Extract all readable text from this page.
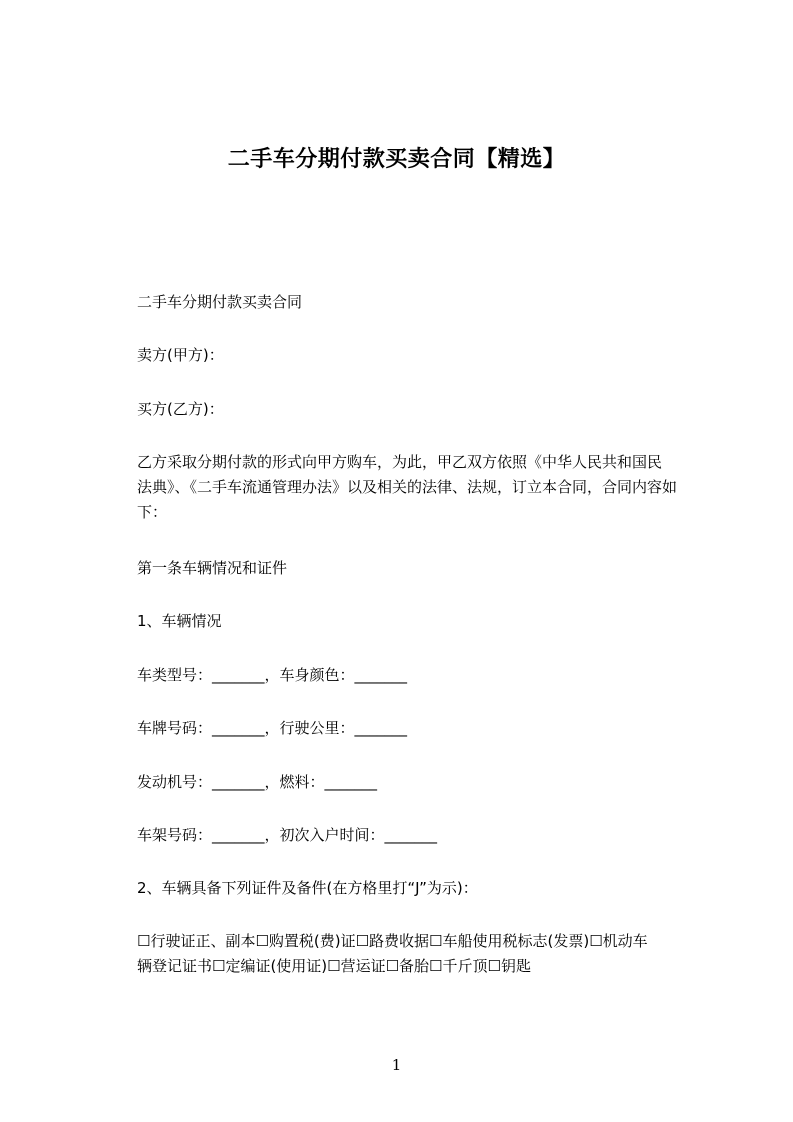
二手车分期付款买卖合同【精选】
二手车分期付款买卖合同
卖方(甲方)：
买方(乙方)：
乙方采取分期付款的形式向甲方购车，为此，甲乙双方依照《中华人民共和国民
法典》、《二手车流通管理办法》以及相关的法律、法规，订立本合同，合同内容如
下：
第一条车辆情况和证件
1、车辆情况
车类型号：_______，车身颜色：_______
车牌号码：_______，行驶公里：_______
发动机号：_______，燃料：_______
车架号码：_______，初次入户时间：_______
2、车辆具备下列证件及备件(在方格里打“J”为示)：
☐行驶证正、副本☐购置税(费)证☐路费收据☐车船使用税标志(发票)☐机动车
辆登记证书☐定编证(使用证)☐营运证☐备胎☐千斤顶☐钥匙
1
